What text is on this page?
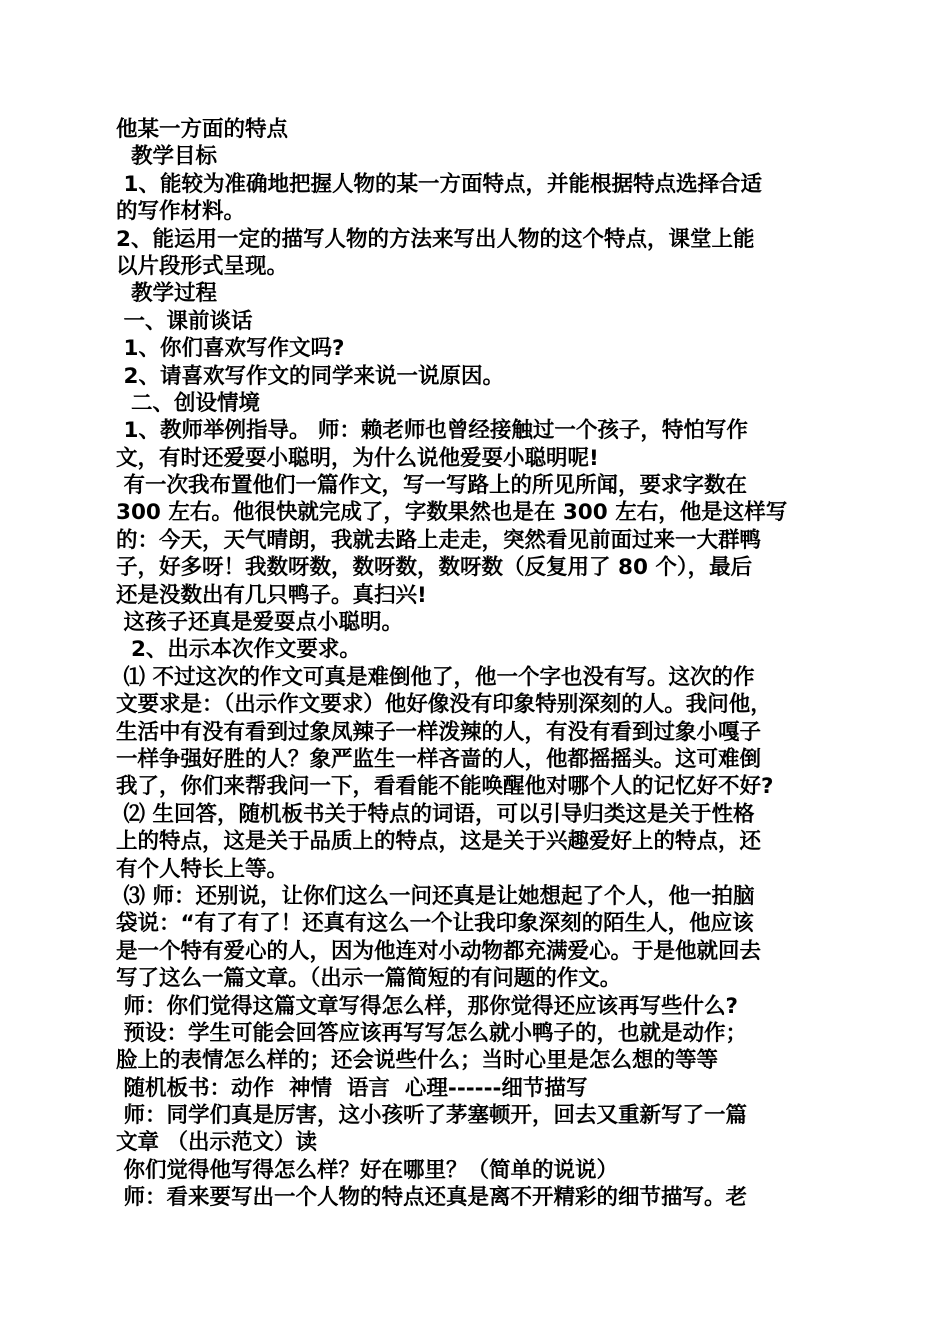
他某一方面的特点
教学目标
1、能较为准确地把握人物的某一方面特点，并能根据特点选择合适
的写作材料。
2、能运用一定的描写人物的方法来写出人物的这个特点，课堂上能
以片段形式呈现。
教学过程
一、课前谈话
1、你们喜欢写作文吗?
2、请喜欢写作文的同学来说一说原因。
二、创设情境
1、教师举例指导。 师：赖老师也曾经接触过一个孩子，特怕写作
文，有时还爱耍小聪明，为什么说他爱耍小聪明呢!
有一次我布置他们一篇作文，写一写路上的所见所闻，要求字数在
300 左右。他很快就完成了，字数果然也是在 300 左右，他是这样写
的：今天，天气晴朗，我就去路上走走，突然看见前面过来一大群鸭
子，好多呀！我数呀数，数呀数，数呀数（反复用了 80 个），最后
还是没数出有几只鸭子。真扫兴!
这孩子还真是爱耍点小聪明。
2、出示本次作文要求。
⑴ 不过这次的作文可真是难倒他了，他一个字也没有写。这次的作
文要求是：（出示作文要求）他好像没有印象特别深刻的人。我问他，
生活中有没有看到过象凤辣子一样泼辣的人，有没有看到过象小嘎子
一样争强好胜的人？象严监生一样吝啬的人，他都摇摇头。这可难倒
我了，你们来帮我问一下，看看能不能唤醒他对哪个人的记忆好不好?
⑵ 生回答，随机板书关于特点的词语，可以引导归类这是关于性格
上的特点，这是关于品质上的特点，这是关于兴趣爱好上的特点，还
有个人特长上等。
⑶ 师：还别说，让你们这么一问还真是让她想起了个人，他一拍脑
袋说：“有了有了！还真有这么一个让我印象深刻的陌生人，他应该
是一个特有爱心的人，因为他连对小动物都充满爱心。于是他就回去
写了这么一篇文章。（出示一篇简短的有问题的作文。
师：你们觉得这篇文章写得怎么样，那你觉得还应该再写些什么?
预设：学生可能会回答应该再写写怎么就小鸭子的，也就是动作；
脸上的表情怎么样的；还会说些什么；当时心里是怎么想的等等
随机板书：动作  神情  语言  心理------细节描写
师：同学们真是厉害，这小孩听了茅塞顿开，回去又重新写了一篇
文章 （出示范文）读
你们觉得他写得怎么样？好在哪里？（简单的说说）
师：看来要写出一个人物的特点还真是离不开精彩的细节描写。老
